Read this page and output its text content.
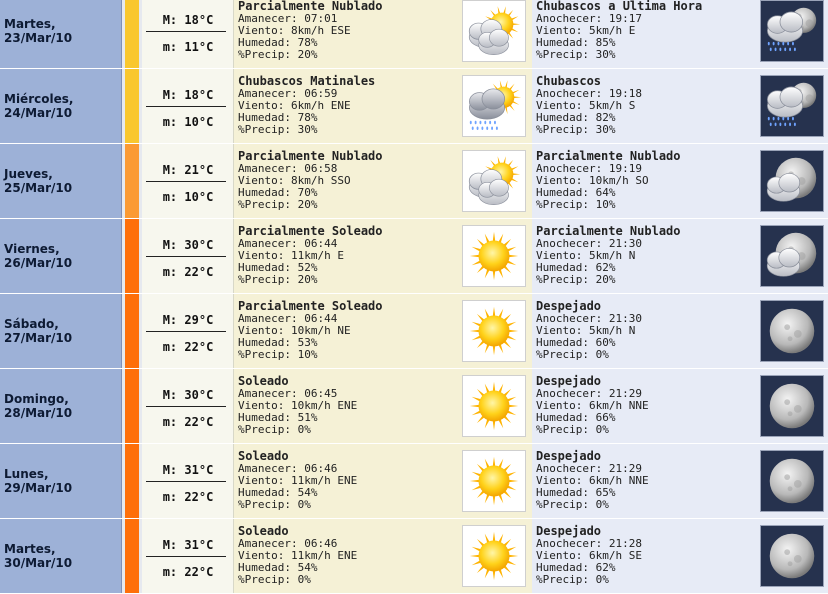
Martes,
23/Mar/10
M: 18°C
m: 11°C
Parcialmente Nublado
Amanecer: 07:01
Viento: 8km/h ESE
Humedad: 78%
%Precip: 20%
Chubascos a Última Hora
Anochecer: 19:17
Viento: 5km/h E
Humedad: 85%
%Precip: 30%
Miércoles,
24/Mar/10
M: 18°C
m: 10°C
Chubascos Matinales
Amanecer: 06:59
Viento: 6km/h ENE
Humedad: 78%
%Precip: 30%
Chubascos
Anochecer: 19:18
Viento: 5km/h S
Humedad: 82%
%Precip: 30%
Jueves,
25/Mar/10
M: 21°C
m: 10°C
Parcialmente Nublado
Amanecer: 06:58
Viento: 8km/h SSO
Humedad: 70%
%Precip: 20%
Parcialmente Nublado
Anochecer: 19:19
Viento: 10km/h SO
Humedad: 64%
%Precip: 10%
Viernes,
26/Mar/10
M: 30°C
m: 22°C
Parcialmente Soleado
Amanecer: 06:44
Viento: 11km/h E
Humedad: 52%
%Precip: 20%
Parcialmente Nublado
Anochecer: 21:30
Viento: 5km/h N
Humedad: 62%
%Precip: 20%
Sábado,
27/Mar/10
M: 29°C
m: 22°C
Parcialmente Soleado
Amanecer: 06:44
Viento: 10km/h NE
Humedad: 53%
%Precip: 10%
Despejado
Anochecer: 21:30
Viento: 5km/h N
Humedad: 60%
%Precip: 0%
Domingo,
28/Mar/10
M: 30°C
m: 22°C
Soleado
Amanecer: 06:45
Viento: 10km/h ENE
Humedad: 51%
%Precip: 0%
Despejado
Anochecer: 21:29
Viento: 6km/h NNE
Humedad: 66%
%Precip: 0%
Lunes,
29/Mar/10
M: 31°C
m: 22°C
Soleado
Amanecer: 06:46
Viento: 11km/h ENE
Humedad: 54%
%Precip: 0%
Despejado
Anochecer: 21:29
Viento: 6km/h NNE
Humedad: 65%
%Precip: 0%
Martes,
30/Mar/10
M: 31°C
m: 22°C
Soleado
Amanecer: 06:46
Viento: 11km/h ENE
Humedad: 54%
%Precip: 0%
Despejado
Anochecer: 21:28
Viento: 6km/h SE
Humedad: 62%
%Precip: 0%
